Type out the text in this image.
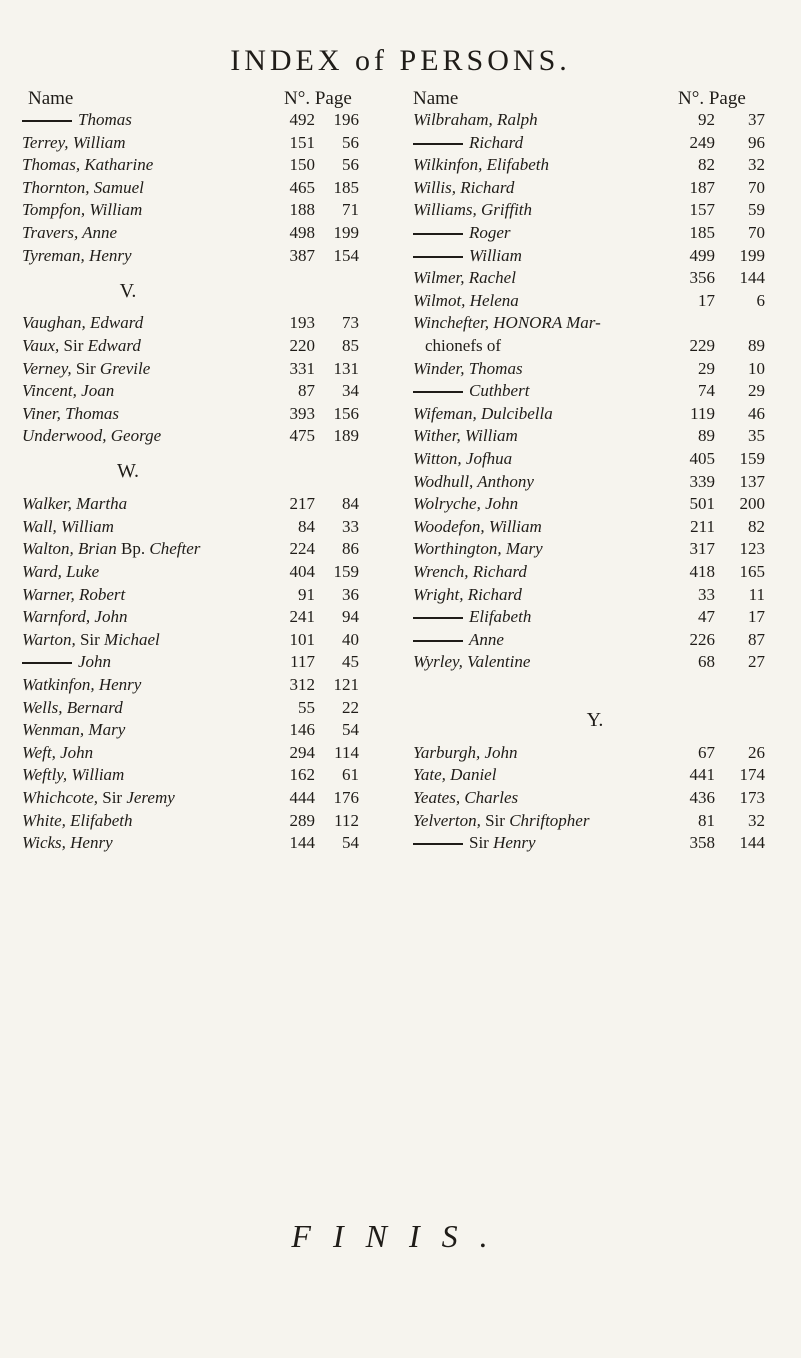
INDEX of PERSONS.
Name	N°. Page	Name	N°. Page
Thomas	492	196
Terrey, William	151	56
Thomas, Katharine	150	56
Thornton, Samuel	465	185
Tompfon, William	188	71
Travers, Anne	498	199
Tyreman, Henry	387	154
V.
Vaughan, Edward	193	73
Vaux, Sir Edward	220	85
Verney, Sir Grevile	331	131
Vincent, Joan	87	34
Viner, Thomas	393	156
Underwood, George	475	189
W.
Walker, Martha	217	84
Wall, William	84	33
Walton, Brian Bp. Chefter	224	86
Ward, Luke	404	159
Warner, Robert	91	36
Warnford, John	241	94
Warton, Sir Michael	101	40
John	117	45
Watkinfon, Henry	312	121
Wells, Bernard	55	22
Wenman, Mary	146	54
Weft, John	294	114
Weftly, William	162	61
Whichcote, Sir Jeremy	444	176
White, Elifabeth	289	112
Wicks, Henry	144	54
Wilbraham, Ralph	92	37
Richard	249	96
Wilkinfon, Elifabeth	82	32
Willis, Richard	187	70
Williams, Griffith	157	59
Roger	185	70
William	499	199
Wilmer, Rachel	356	144
Wilmot, Helena	17	6
Winchefter, HONORA Mar-
chionefs of	229	89
Winder, Thomas	29	10
Cuthbert	74	29
Wifeman, Dulcibella	119	46
Wither, William	89	35
Witton, Jofhua	405	159
Wodhull, Anthony	339	137
Wolryche, John	501	200
Woodefon, William	211	82
Worthington, Mary	317	123
Wrench, Richard	418	165
Wright, Richard	33	11
Elifabeth	47	17
Anne	226	87
Wyrley, Valentine	68	27
Y.
Yarburgh, John	67	26
Yate, Daniel	441	174
Yeates, Charles	436	173
Yelverton, Sir Chriftopher	81	32
Sir Henry	358	144
FINIS.
